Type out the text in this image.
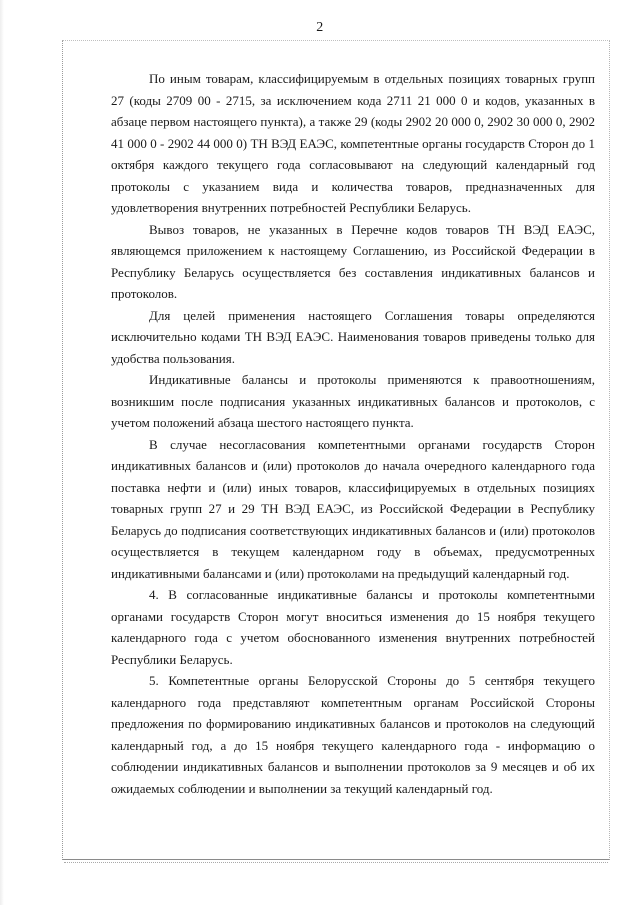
2

По иным товарам, классифицируемым в отдельных позициях товарных групп 27 (коды 2709 00 - 2715, за исключением кода 2711 21 000 0 и кодов, указанных в абзаце первом настоящего пункта), а также 29 (коды 2902 20 000 0, 2902 30 000 0, 2902 41 000 0 - 2902 44 000 0) ТН ВЭД ЕАЭС, компетентные органы государств Сторон до 1 октября каждого текущего года согласовывают на следующий календарный год протоколы с указанием вида и количества товаров, предназначенных для удовлетворения внутренних потребностей Республики Беларусь.

Вывоз товаров, не указанных в Перечне кодов товаров ТН ВЭД ЕАЭС, являющемся приложением к настоящему Соглашению, из Российской Федерации в Республику Беларусь осуществляется без составления индикативных балансов и протоколов.

Для целей применения настоящего Соглашения товары определяются исключительно кодами ТН ВЭД ЕАЭС. Наименования товаров приведены только для удобства пользования.

Индикативные балансы и протоколы применяются к правоотношениям, возникшим после подписания указанных индикативных балансов и протоколов, с учетом положений абзаца шестого настоящего пункта.

В случае несогласования компетентными органами государств Сторон индикативных балансов и (или) протоколов до начала очередного календарного года поставка нефти и (или) иных товаров, классифицируемых в отдельных позициях товарных групп 27 и 29 ТН ВЭД ЕАЭС, из Российской Федерации в Республику Беларусь до подписания соответствующих индикативных балансов и (или) протоколов осуществляется в текущем календарном году в объемах, предусмотренных индикативными балансами и (или) протоколами на предыдущий календарный год.

4. В согласованные индикативные балансы и протоколы компетентными органами государств Сторон могут вноситься изменения до 15 ноября текущего календарного года с учетом обоснованного изменения внутренних потребностей Республики Беларусь.

5. Компетентные органы Белорусской Стороны до 5 сентября текущего календарного года представляют компетентным органам Российской Стороны предложения по формированию индикативных балансов и протоколов на следующий календарный год, а до 15 ноября текущего календарного года - информацию о соблюдении индикативных балансов и выполнении протоколов за 9 месяцев и об их ожидаемых соблюдении и выполнении за текущий календарный год.
